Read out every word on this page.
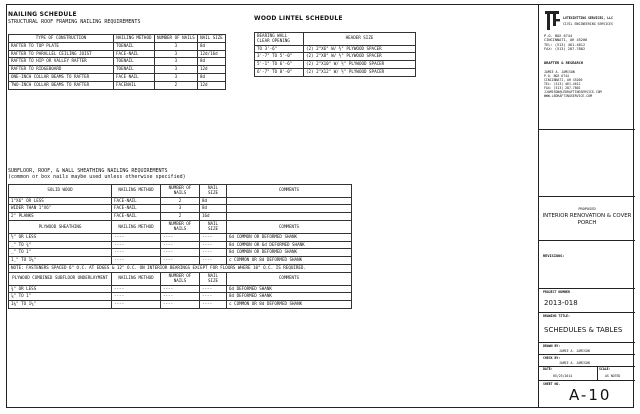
NAILING SCHEDULE
STRUCTURAL ROOF FRAMING NAILING REQUIREMENTS
TYPE OF CONSTRUCTION	NAILING METHOD	NUMBER OF NAILS	NAIL SIZE
RAFTER TO TOP PLATE	TOENAIL	3	8d
RAFTER TO PARALLEL CEILING JOIST	FACE-NAIL	3	12d/16d
RAFTER TO HIP OR VALLEY RAFTER	TOENAIL	3	8d
RAFTER TO RIDGEBOARD	TOENAIL	3	12d
ONE-INCH COLLAR BEAMS TO RAFTER	FACE NAIL	3	8d
TWO-INCH COLLAR BEAMS TO RAFTER	FACENAIL	2	12d
WOOD LINTEL SCHEDULE
BEARING WALL CLEAR OPENING	HEADER SIZE
TO 3'-6"	(2) 2"X6" W/ ½" PLYWOOD SPACER
3'-7" TO 5'-0"	(2) 2"X8" W/ ½" PLYWOOD SPACER
5'-1" TO 6'-6"	(2) 2"X10" W/ ½" PLYWOOD SPACER
6'-7" TO 8'-0"	(2) 2"X12" W/ ½" PLYWOOD SPACER
SUBFLOOR, ROOF, & WALL SHEATHING NAILING REQUIREMENTS
(common or box nails maybe used unless otherwise specified)
SOLID WOOD	NAILING METHOD	NUMBER OF NAILS	NAIL SIZE	COMMENTS
1"X6" OR LESS	FACE-NAIL	2	8d	
WIDER THAN 1"X6"	FACE-NAIL	3	8d	
2" PLANKS	FACE-NAIL	2	16d	
PLYWOOD SHEATHING	NAILING METHOD	NUMBER OF NAILS	NAIL SIZE	COMMENTS
½" OR LESS	----	----	----	6d COMMON OR DEFORMED SHANK
_" TO ¾"	----	----	----	8d COMMON OR 6d DEFORMED SHANK
_" TO 1"	----	----	----	8d COMMON OR DEFORMED SHANK
1_" TO 1¼"	----	----	----	c COMMON OR 8d DEFORMED SHANK
NOTE: FASTENERS SPACED 6" O.C. AT EDGES & 12" O.C. ON INTERIOR BEARINGS EXCEPT FOR FLOORS WHERE 10" O.C. IS REQUIRED.				
PLYWOOD COMBINED SUBFLOOR UNDERLAYMENT	NAILING METHOD	NUMBER OF NAILS	NAIL SIZE	COMMENTS
¾" OR LESS	----	----	----	6d DEFORMED SHANK
⅞" TO 1"	----	----	----	8d DEFORMED SHANK
1⅛" TO 1¼"	----	----	----	c COMMON OR 8d DEFORMED SHANK
LUTEXINTTING SERVICES, LLC
CIVIL ENGINEERING SERVICES
P.O. BOX 6744
CINCINNATI, OH 45206
TEL: (513) 461-4612
FAX: (513) 287-7802
DRAFTER & RESEARCH
JAMIE A. JAMISON
P.O. BOX 6744
CINCINNATI, OH 45206
TEL: (513) 461-4612
FAX: (513) 287-7802
JJAMISON@LEDRAFTINGSERVICE.COM
WWW.LEDRAFTINGSERVICE.COM
PROPOSED
INTERIOR RENOVATION & COVER PORCH
REVISIONS:
PROJECT NUMBER
2013-018
DRAWING TITLE:
SCHEDULES & TABLES
DRAWN BY:
JAMIE A. JAMISON
CHECK BY:
JAMIE A. JAMISON
DATE:
05/25/2014
SCALE:
AS NOTED
SHEET NO.
A-10
